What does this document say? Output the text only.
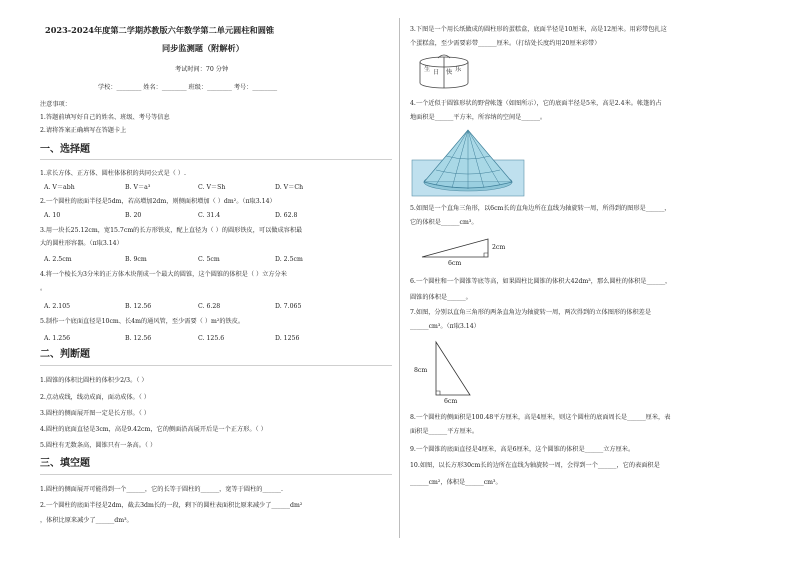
2023-2024年度第二学期苏教版六年数学第二单元圆柱和圆锥
同步监测题（附解析）
考试时间：70 分钟
学校：________ 姓名：________ 班级：________ 考号：________
注意事项：
1.答题前填写好自己的姓名、班级、考号等信息
2.请将答案正确填写在答题卡上
一、选择题
1.求长方体、正方体、圆柱体体积的共同公式是（ ）.
A. V＝abh	B. V＝a³	C. V＝Sh	D. V＝Ch
2.一个圆柱的底面半径是5dm，若高增加2dm，则侧面积增加（ ）dm²。（π取3.14）
A. 10	B. 20	C. 31.4	D. 62.8
3.用一块长25.12cm，宽15.7cm的长方形铁皮，配上直径为（ ）的圆形铁皮，可以做成容积最
大的圆柱形容器。（π取3.14）
A. 2.5cm	B. 9cm	C. 5cm	D. 2.5cm
4.将一个棱长为3分米的正方体木块削成一个最大的圆锥，这个圆锥的体积是（ ）立方分米
。
A. 2.105	B. 12.56	C. 6.28	D. 7.065
5.制作一个底面直径是10cm、长4m的通风管，至少需要（ ）m²的铁皮。
A. 1.256	B. 12.56	C. 125.6	D. 1256
二、判断题
1.圆锥的体积比圆柱的体积少2/3。（ ）
2.点动成线，线动成面，面动成体。（ ）
3.圆柱的侧面展开图一定是长方形。（ ）
4.圆柱的底面直径是3cm，高是9.42cm，它的侧面沿高展开后是一个正方形。（ ）
5.圆柱有无数条高，圆锥只有一条高。（ ）
三、填空题
1.圆柱的侧面展开可能得到一个______，它的长等于圆柱的______，宽等于圆柱的______.
2.一个圆柱的底面半径是2dm，截去3dm长的一段，剩下的圆柱表面积比原来减少了______dm²
，体积比原来减少了______dm³。
3.下图是一个用长纸做成的圆柱形的蛋糕盒，底面半径是10厘米，高是12厘米。用彩带包扎这
个蛋糕盒，至少需要彩带______厘米。（打结处长度约用20厘米彩带）
生 日 快 乐
4.一个近似于圆锥形状的野营帐篷（如图所示），它的底面半径是5米，高是2.4米。帐篷的占
地面积是______平方米，所容纳的空间是______。
5.如图是一个直角三角形，以6cm长的直角边所在直线为轴旋转一周，所得到的图形是______，
它的体积是______cm³。
2cm
6cm
6.一个圆柱和一个圆锥等底等高，如果圆柱比圆锥的体积大42dm³，那么圆柱的体积是______，
圆锥的体积是______。
7.如图，分别以直角三角形的两条直角边为轴旋转一周，两次得到的立体图形的体积差是
______cm³。（π取3.14）
8cm
6cm
8.一个圆柱的侧面积是100.48平方厘米，高是4厘米，则这个圆柱的底面周长是______厘米，表
面积是______平方厘米。
9.一个圆锥的底面直径是4厘米，高是6厘米，这个圆锥的体积是______立方厘米。
10.如图，以长方形30cm长的边所在直线为轴旋转一周，会得到一个______，它的表面积是
______cm²，体积是______cm³。
